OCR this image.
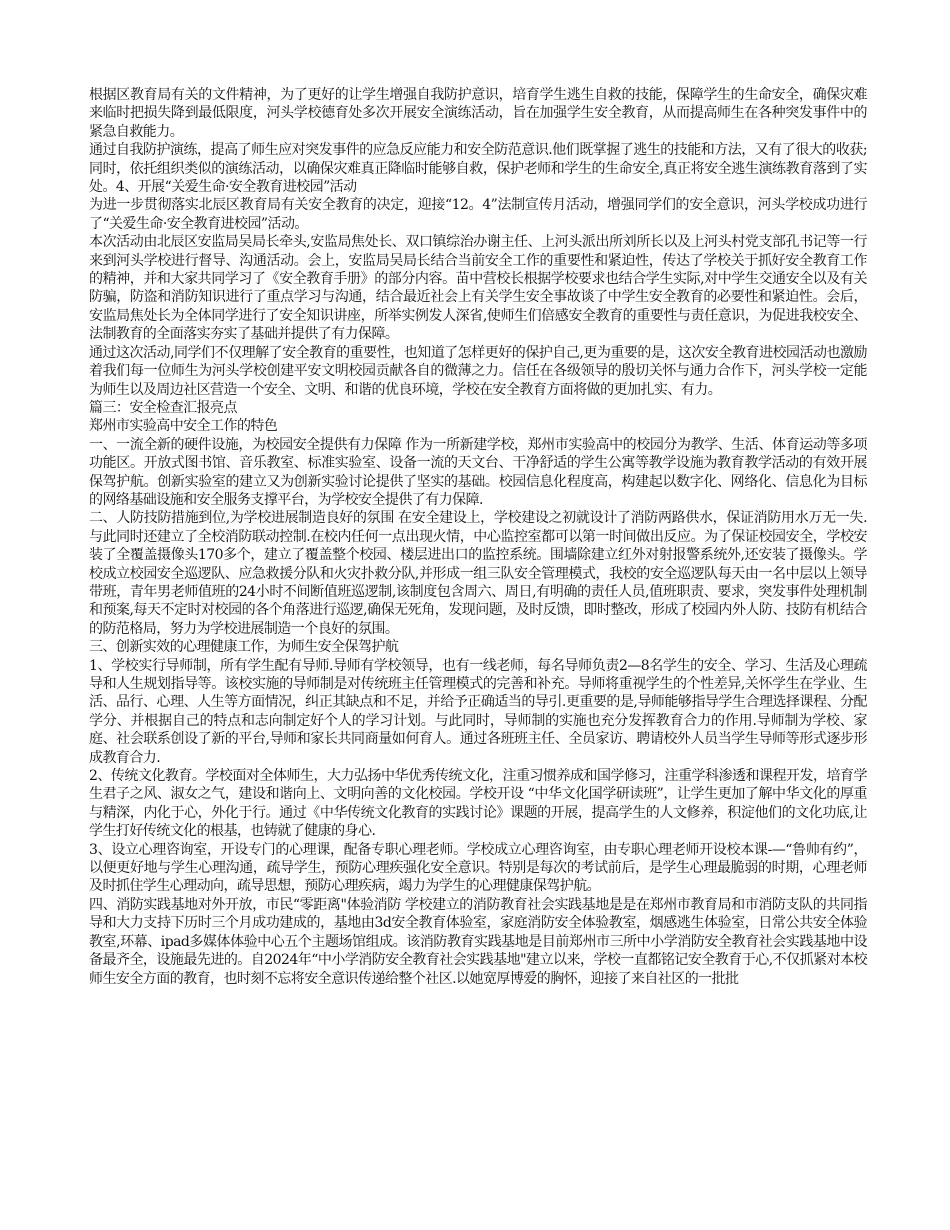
根据区教育局有关的文件精神，为了更好的让学生增强自我防护意识，培育学生逃生自救的技能，保障学生的生命安全，确保灾难来临时把损失降到最低限度，河头学校德育处多次开展安全演练活动，旨在加强学生安全教育，从而提高师生在各种突发事件中的紧急自救能力。

通过自我防护演练，提高了师生应对突发事件的应急反应能力和安全防范意识.他们既掌握了逃生的技能和方法，又有了很大的收获;同时，依托组织类似的演练活动，以确保灾难真正降临时能够自救，保护老师和学生的生命安全,真正将安全逃生演练教育落到了实处。4、开展“关爱生命·安全教育进校园”活动

为进一步贯彻落实北辰区教育局有关安全教育的决定，迎接“12。4”法制宣传月活动，增强同学们的安全意识，河头学校成功进行了“关爱生命·安全教育进校园”活动。

本次活动由北辰区安监局吴局长牵头,安监局焦处长、双口镇综治办谢主任、上河头派出所刘所长以及上河头村党支部孔书记等一行来到河头学校进行督导、沟通活动。会上，安监局吴局长结合当前安全工作的重要性和紧迫性，传达了学校关于抓好安全教育工作的精神，并和大家共同学习了《安全教育手册》的部分内容。苗中营校长根据学校要求也结合学生实际,对中学生交通安全以及有关防骗，防盗和消防知识进行了重点学习与沟通，结合最近社会上有关学生安全事故谈了中学生安全教育的必要性和紧迫性。会后，安监局焦处长为全体同学进行了安全知识讲座，所举实例发人深省,使师生们倍感安全教育的重要性与责任意识，为促进我校安全、法制教育的全面落实夯实了基础并提供了有力保障。

通过这次活动,同学们不仅理解了安全教育的重要性，也知道了怎样更好的保护自己,更为重要的是，这次安全教育进校园活动也激励着我们每一位师生为河头学校创建平安文明校园贡献各自的微薄之力。信任在各级领导的殷切关怀与通力合作下，河头学校一定能为师生以及周边社区营造一个安全、文明、和谐的优良环境，学校在安全教育方面将做的更加扎实、有力。

篇三：安全检查汇报亮点

郑州市实验高中安全工作的特色

一、一流全新的硬件设施，为校园安全提供有力保障 作为一所新建学校，郑州市实验高中的校园分为教学、生活、体育运动等多项功能区。开放式图书馆、音乐教室、标准实验室、设备一流的天文台、干净舒适的学生公寓等教学设施为教育教学活动的有效开展保驾护航。创新实验室的建立又为创新实验讨论提供了坚实的基础。校园信息化程度高，构建起以数字化、网络化、信息化为目标的网络基础设施和安全服务支撑平台，为学校安全提供了有力保障.

二、人防技防措施到位,为学校进展制造良好的氛围 在安全建设上，学校建设之初就设计了消防两路供水，保证消防用水万无一失.与此同时还建立了全校消防联动控制.在校内任何一点出现火情，中心监控室都可以第一时间做出反应。为了保证校园安全，学校安装了全覆盖摄像头170多个，建立了覆盖整个校园、楼层进出口的监控系统。围墙除建立红外对射报警系统外,还安装了摄像头。学校成立校园安全巡逻队、应急救援分队和火灾扑救分队,并形成一组三队安全管理模式，我校的安全巡逻队每天由一名中层以上领导带班，青年男老师值班的24小时不间断值班巡逻制,该制度包含周六、周日,有明确的责任人员,值班职责、要求，突发事件处理机制和预案,每天不定时对校园的各个角落进行巡逻,确保无死角，发现问题，及时反馈，即时整改，形成了校园内外人防、技防有机结合的防范格局，努力为学校进展制造一个良好的氛围。

三、创新实效的心理健康工作，为师生安全保驾护航

1、学校实行导师制，所有学生配有导师.导师有学校领导，也有一线老师，每名导师负责2—8名学生的安全、学习、生活及心理疏导和人生规划指导等。该校实施的导师制是对传统班主任管理模式的完善和补充。导师将重视学生的个性差异,关怀学生在学业、生活、品行、心理、人生等方面情况，纠正其缺点和不足，并给予正确适当的导引.更重要的是,导师能够指导学生合理选择课程、分配学分、并根据自己的特点和志向制定好个人的学习计划。与此同时，导师制的实施也充分发挥教育合力的作用.导师制为学校、家庭、社会联系创设了新的平台,导师和家长共同商量如何育人。通过各班班主任、全员家访、聘请校外人员当学生导师等形式逐步形成教育合力.

2、传统文化教育。学校面对全体师生，大力弘扬中华优秀传统文化，注重习惯养成和国学修习，注重学科渗透和课程开发，培育学生君子之风、淑女之气，建设和谐向上、文明向善的文化校园。学校开设 “中华文化国学研读班”，让学生更加了解中华文化的厚重与精深，内化于心，外化于行。通过《中华传统文化教育的实践讨论》课题的开展，提高学生的人文修养，积淀他们的文化功底,让学生打好传统文化的根基，也铸就了健康的身心.

3、设立心理咨询室，开设专门的心理课，配备专职心理老师。学校成立心理咨询室，由专职心理老师开设校本课-—“鲁帅有约”，以便更好地与学生心理沟通，疏导学生，预防心理疾强化安全意识。特别是每次的考试前后，是学生心理最脆弱的时期，心理老师及时抓住学生心理动向，疏导思想，预防心理疾病，竭力为学生的心理健康保驾护航。

四、消防实践基地对外开放，市民“零距离"体验消防 学校建立的消防教育社会实践基地是是在郑州市教育局和市消防支队的共同指导和大力支持下历时三个月成功建成的，基地由3d安全教育体验室，家庭消防安全体验教室，烟感逃生体验室，日常公共安全体验教室,环幕、ipad多媒体体验中心五个主题场馆组成。该消防教育实践基地是目前郑州市三所中小学消防安全教育社会实践基地中设备最齐全，设施最先进的。自2024年“中小学消防安全教育社会实践基地"建立以来，学校一直都铭记安全教育于心,不仅抓紧对本校师生安全方面的教育，也时刻不忘将安全意识传递给整个社区.以她宽厚博爱的胸怀，迎接了来自社区的一批批
